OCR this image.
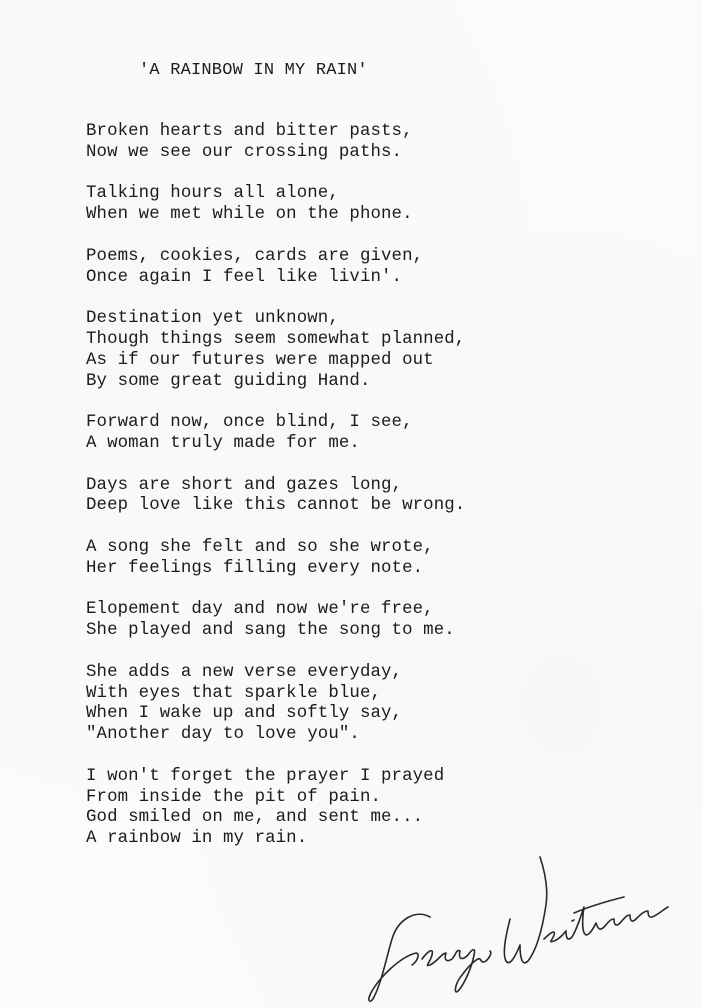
'A RAINBOW IN MY RAIN'
Broken hearts and bitter pasts,
Now we see our crossing paths.
Talking hours all alone,
When we met while on the phone.
Poems, cookies, cards are given,
Once again I feel like livin'.
Destination yet unknown,
Though things seem somewhat planned,
As if our futures were mapped out
By some great guiding Hand.
Forward now, once blind, I see,
A woman truly made for me.
Days are short and gazes long,
Deep love like this cannot be wrong.
A song she felt and so she wrote,
Her feelings filling every note.
Elopement day and now we're free,
She played and sang the song to me.
She adds a new verse everyday,
With eyes that sparkle blue,
When I wake up and softly say,
"Another day to love you".
I won't forget the prayer I prayed
From inside the pit of pain.
God smiled on me, and sent me...
A rainbow in my rain.
